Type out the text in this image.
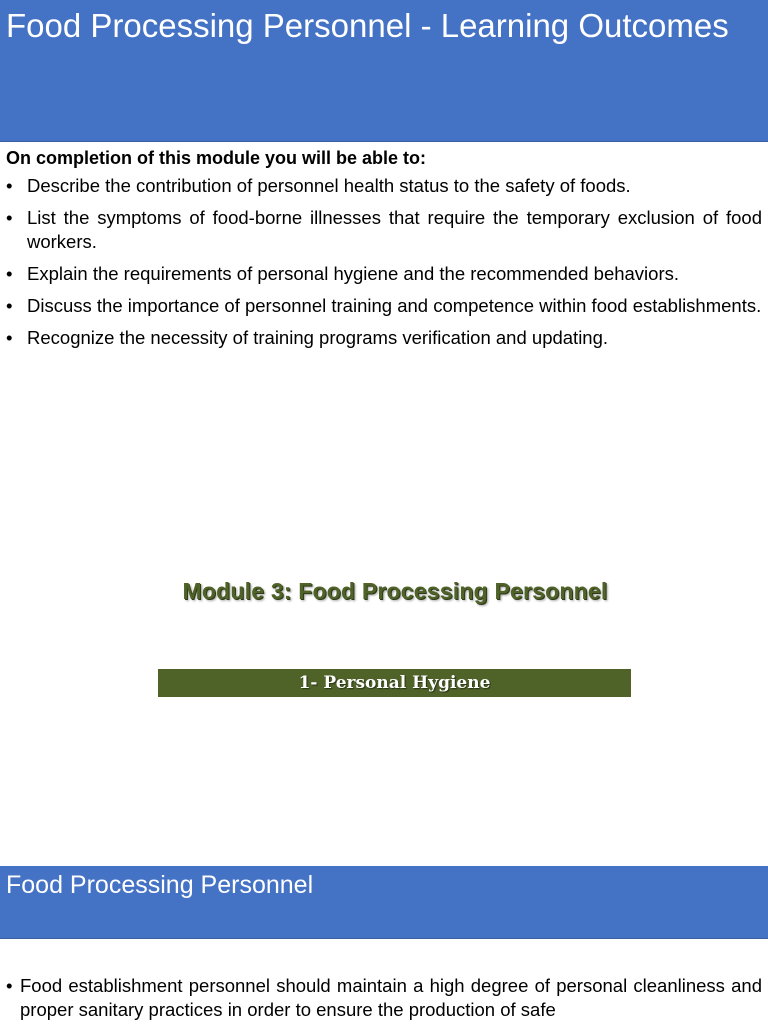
Food Processing Personnel - Learning Outcomes
On completion of this module you will be able to:
• Describe the contribution of personnel health status to the safety of foods.
• List the symptoms of food-borne illnesses that require the temporary exclusion of food workers.
• Explain the requirements of personal hygiene and the recommended behaviors.
• Discuss the importance of personnel training and competence within food establishments.
• Recognize the necessity of training programs verification and updating.
Module 3: Food Processing Personnel
1- Personal Hygiene
Food Processing Personnel
• Food establishment personnel should maintain a high degree of personal cleanliness and proper sanitary practices in order to ensure the production of safe
